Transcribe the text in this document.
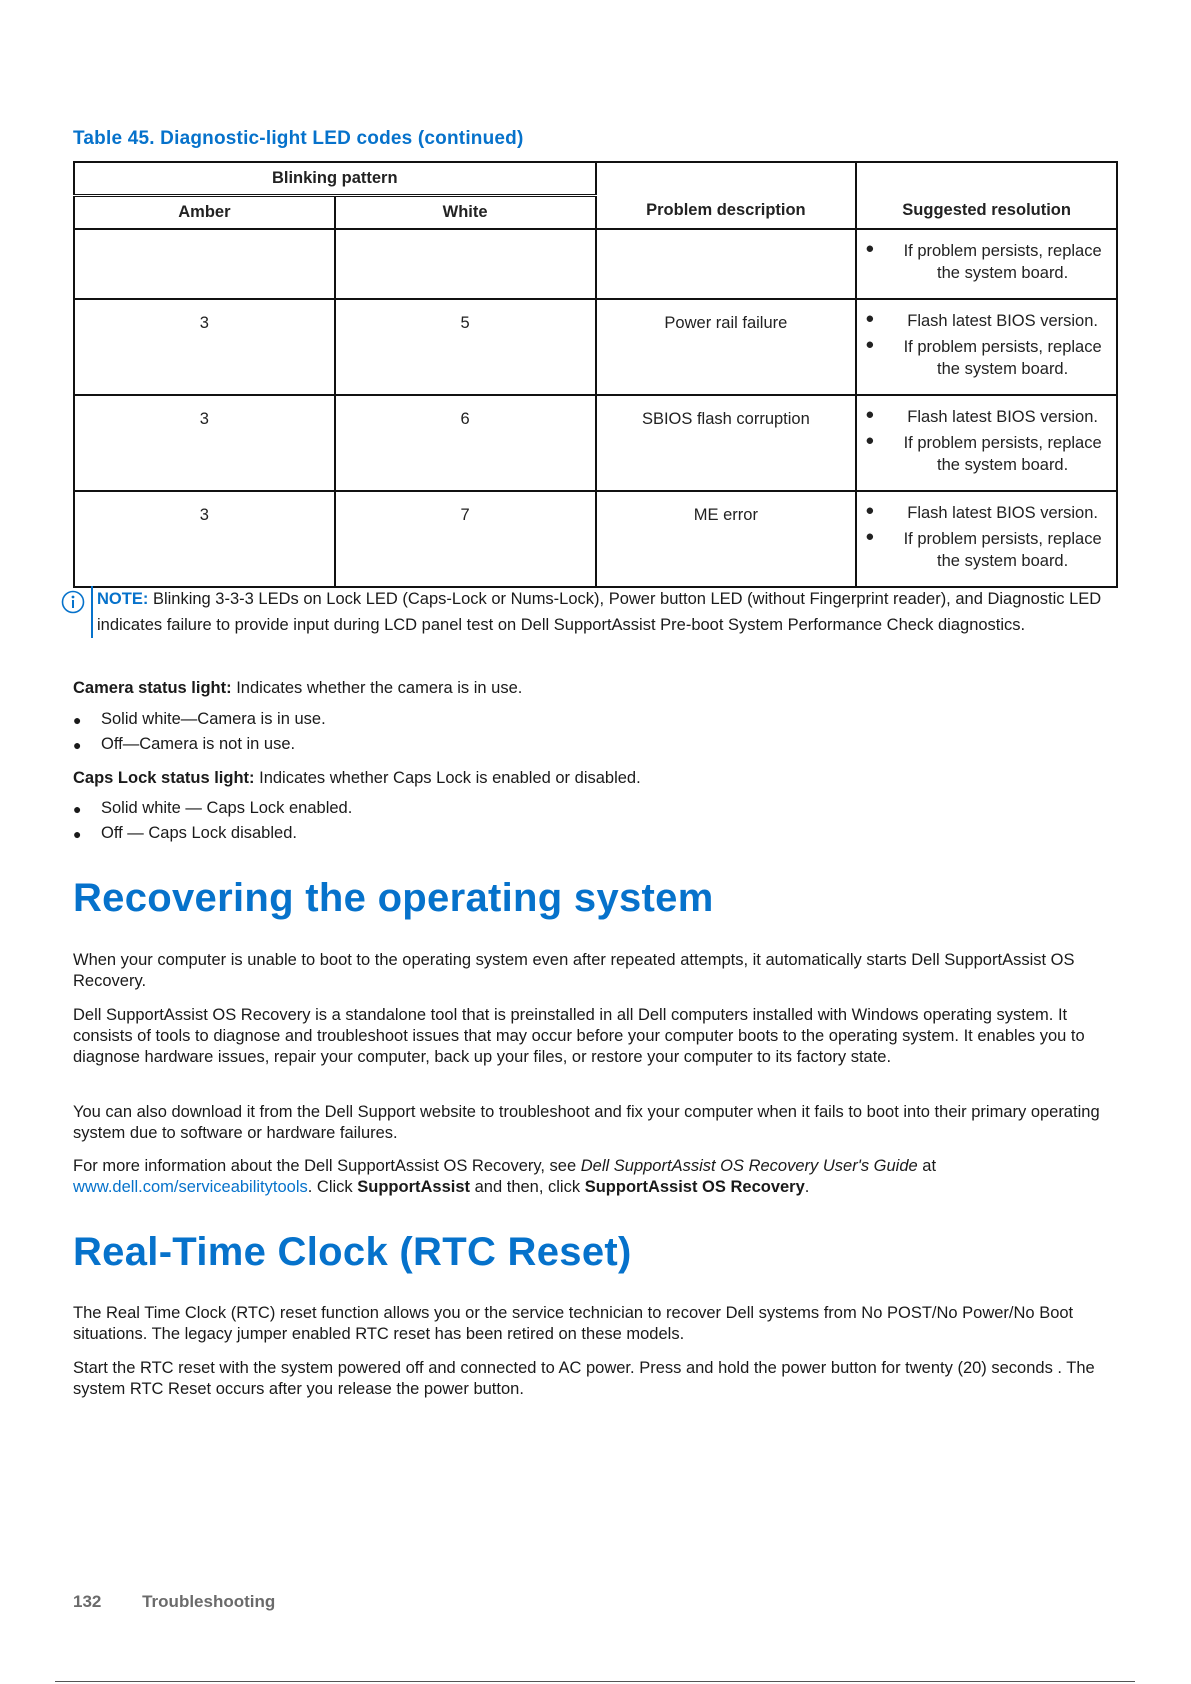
Table 45. Diagnostic-light LED codes (continued)
Blinking pattern		Problem description	Suggested resolution
Amber	White		

			● If problem persists, replace the system board.

3	5	Power rail failure	● Flash latest BIOS version.
● If problem persists, replace the system board.

3	6	SBIOS flash corruption	● Flash latest BIOS version.
● If problem persists, replace the system board.

3	7	ME error	● Flash latest BIOS version.
● If problem persists, replace the system board.
NOTE: Blinking 3-3-3 LEDs on Lock LED (Caps-Lock or Nums-Lock), Power button LED (without Fingerprint reader), and Diagnostic LED indicates failure to provide input during LCD panel test on Dell SupportAssist Pre-boot System Performance Check diagnostics.

Camera status light: Indicates whether the camera is in use.

●	Solid white—Camera is in use.
●	Off—Camera is not in use.

Caps Lock status light: Indicates whether Caps Lock is enabled or disabled.

●	Solid white — Caps Lock enabled.
●	Off — Caps Lock disabled.
Recovering the operating system

When your computer is unable to boot to the operating system even after repeated attempts, it automatically starts Dell SupportAssist OS Recovery.

Dell SupportAssist OS Recovery is a standalone tool that is preinstalled in all Dell computers installed with Windows operating system. It consists of tools to diagnose and troubleshoot issues that may occur before your computer boots to the operating system. It enables you to diagnose hardware issues, repair your computer, back up your files, or restore your computer to its factory state.

You can also download it from the Dell Support website to troubleshoot and fix your computer when it fails to boot into their primary operating system due to software or hardware failures.

For more information about the Dell SupportAssist OS Recovery, see Dell SupportAssist OS Recovery User's Guide at
www.dell.com/serviceabilitytools. Click SupportAssist and then, click SupportAssist OS Recovery.

Real-Time Clock (RTC Reset)

The Real Time Clock (RTC) reset function allows you or the service technician to recover Dell systems from No POST/No Power/No Boot situations. The legacy jumper enabled RTC reset has been retired on these models.

Start the RTC reset with the system powered off and connected to AC power. Press and hold the power button for twenty (20) seconds . The system RTC Reset occurs after you release the power button.

132 Troubleshooting
